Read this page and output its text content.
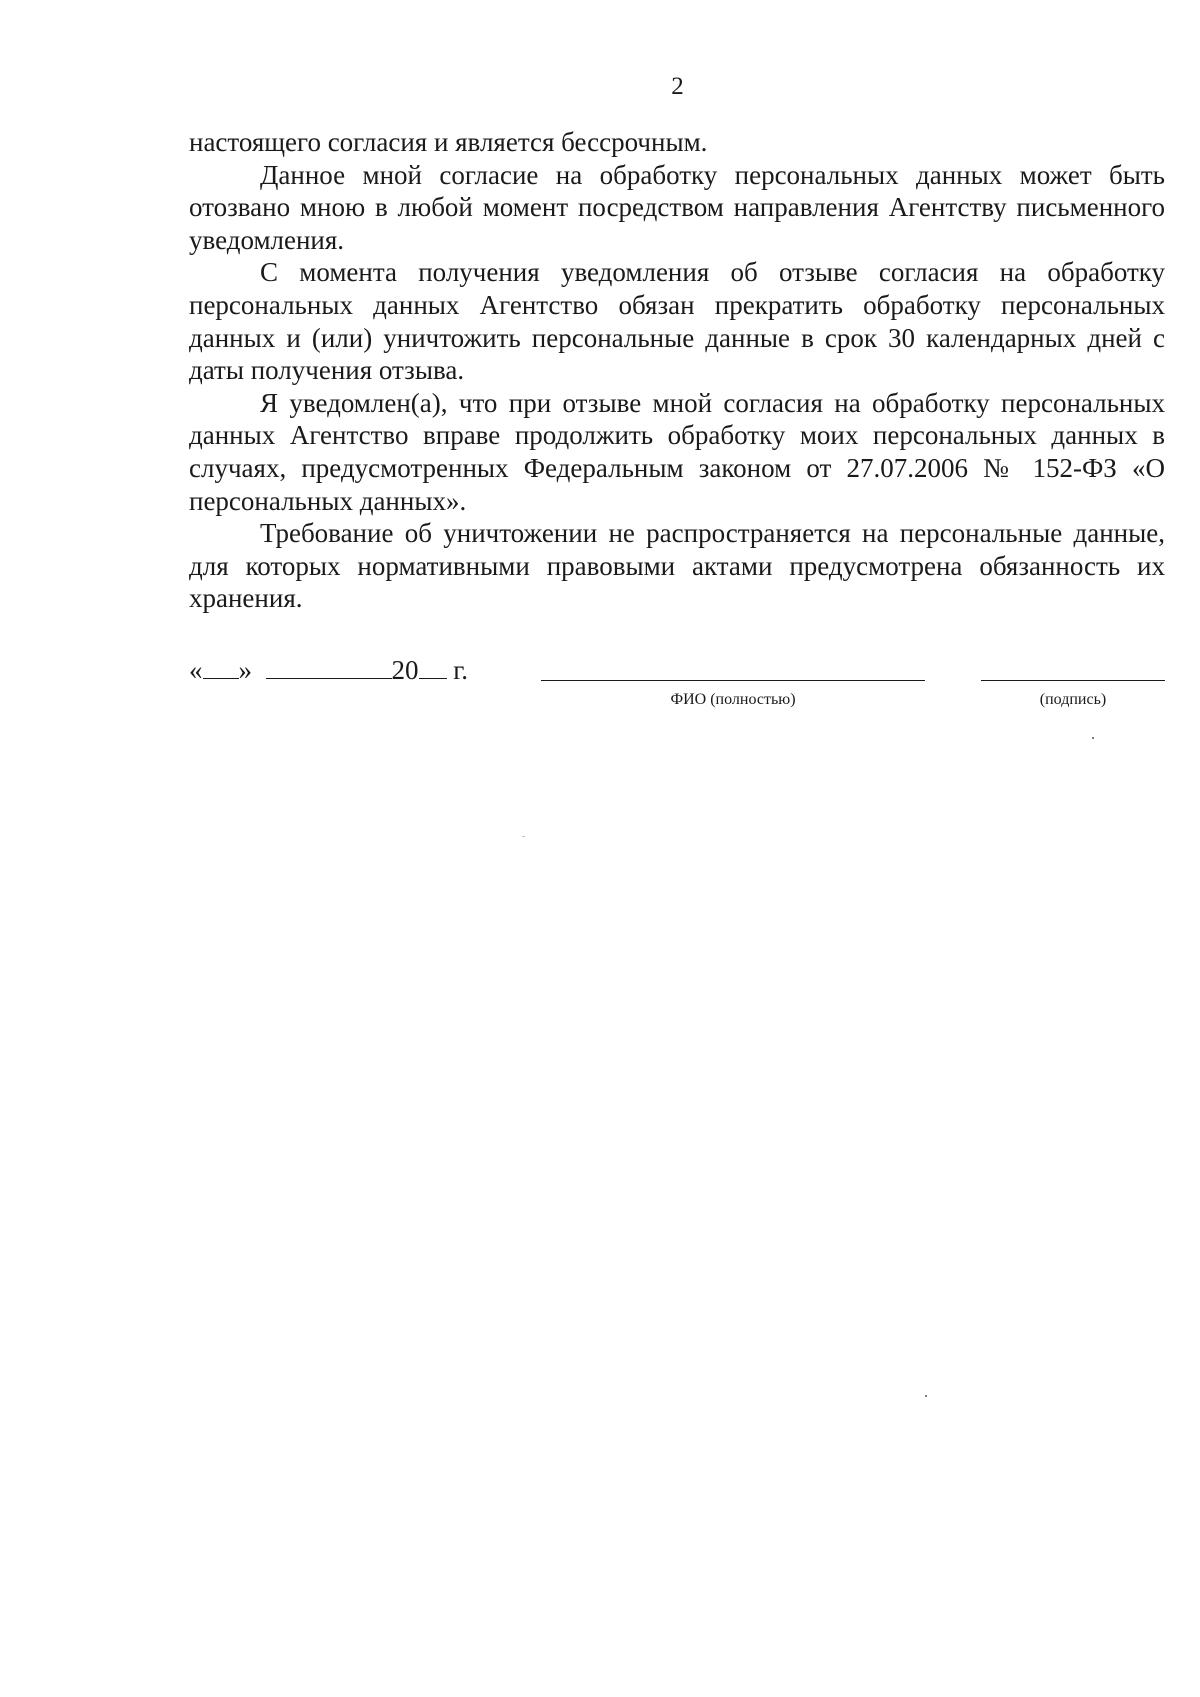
2

настоящего согласия и является бессрочным.

Данное мной согласие на обработку персональных данных может быть отозвано мною в любой момент посредством направления Агентству письменного уведомления.

С момента получения уведомления об отзыве согласия на обработку персональных данных Агентство обязан прекратить обработку персональных данных и (или) уничтожить персональные данные в срок 30 календарных дней с даты получения отзыва.

Я уведомлен(а), что при отзыве мной согласия на обработку персональных данных Агентство вправе продолжить обработку моих персональных данных в случаях, предусмотренных Федеральным законом от 27.07.2006 № 152-ФЗ «О персональных данных».

Требование об уничтожении не распространяется на персональные данные, для которых нормативными правовыми актами предусмотрена обязанность их хранения.

« »	20 г.
ФИО (полностью)	(подпись)
